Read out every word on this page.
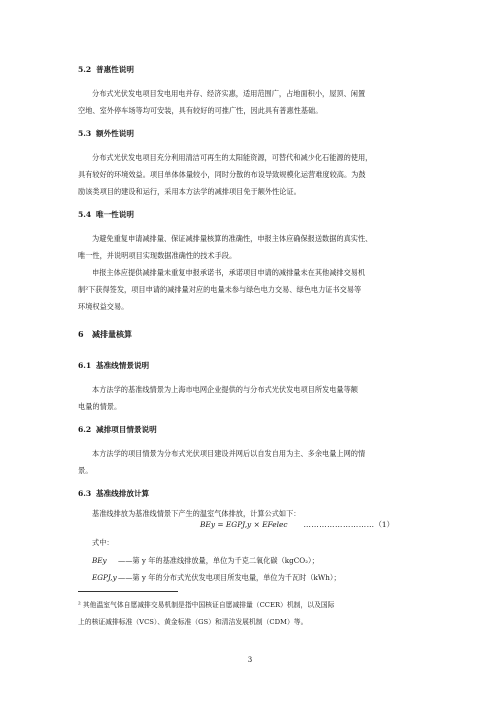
5.2 普惠性说明
分布式光伏发电项目发电用电并存、经济实惠，适用范围广，占地面积小，屋顶、闲置
空地、室外停车场等均可安装，具有较好的可推广性，因此具有普惠性基础。
5.3 额外性说明
分布式光伏发电项目充分利用清洁可再生的太阳能资源，可替代和减少化石能源的使用，
具有较好的环境效益。项目单体体量较小，同时分散的布设导致规模化运营难度较高。为鼓
励该类项目的建设和运行，采用本方法学的减排项目免于额外性论证。
5.4 唯一性说明
为避免重复申请减排量、保证减排量核算的准确性，申报主体应确保报送数据的真实性、
唯一性，并说明项目实现数据准确性的技术手段。
申报主体应提供减排量未重复申报承诺书，承诺项目申请的减排量未在其他减排交易机
制²下获得签发，项目申请的减排量对应的电量未参与绿色电力交易、绿色电力证书交易等
环境权益交易。
6 减排量核算
6.1 基准线情景说明
本方法学的基准线情景为上海市电网企业提供的与分布式光伏发电项目所发电量等额
电量的情景。
6.2 减排项目情景说明
本方法学的项目情景为分布式光伏项目建设并网后以自发自用为主、多余电量上网的情
景。
6.3 基准线排放计算
基准线排放为基准线情景下产生的温室气体排放，计算公式如下：
BEy = EGPJ,y × EFelec ………………………（1）
式中：
BEy ——第 y 年的基准线排放量，单位为千克二氧化碳（kgCO₂）；
EGPJ,y——第 y 年的分布式光伏发电项目所发电量，单位为千瓦时（kWh）；
² 其他温室气体自愿减排交易机制是指中国核证自愿减排量（CCER）机制，以及国际
上的核证减排标准（VCS）、黄金标准（GS）和清洁发展机制（CDM）等。
3
